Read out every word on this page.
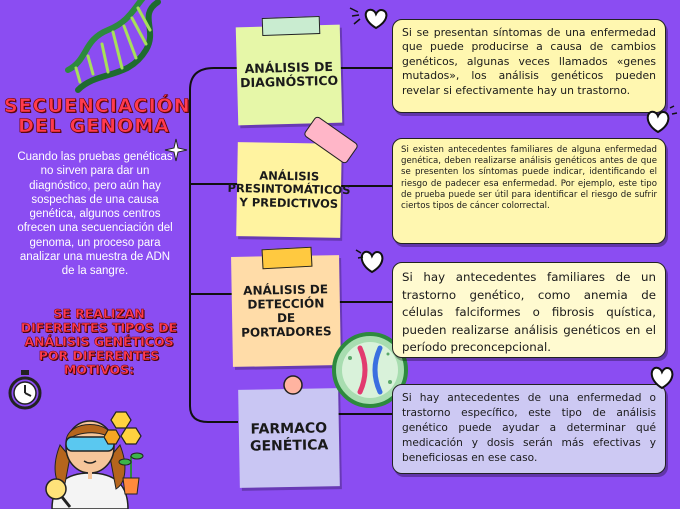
SECUENCIACIÓN
DEL GENOMA
Cuando las pruebas genéticas no sirven para dar un diagnóstico, pero aún hay sospechas de una causa genética, algunos centros ofrecen una secuenciación del genoma, un proceso para analizar una muestra de ADN de la sangre.
SE REALIZAN DIFERENTES TIPOS DE ANÁLISIS GENÉTICOS POR DIFERENTES MOTIVOS:
ANÁLISIS DE DIAGNÓSTICO
ANÁLISIS PRESINTOMÁTICOS Y PREDICTIVOS
ANÁLISIS DE DETECCIÓN DE PORTADORES
FARMACO GENÉTICA
Si se presentan síntomas de una enfermedad que puede producirse a causa de cambios genéticos, algunas veces llamados «genes mutados», los análisis genéticos pueden revelar si efectivamente hay un trastorno.
Si existen antecedentes familiares de alguna enfermedad genética, deben realizarse análisis genéticos antes de que se presenten los síntomas puede indicar, identificando el riesgo de padecer esa enfermedad. Por ejemplo, este tipo de prueba puede ser útil para identificar el riesgo de sufrir ciertos tipos de cáncer colorrectal.
Si hay antecedentes familiares de un trastorno genético, como anemia de células falciformes o fibrosis quística, pueden realizarse análisis genéticos en el período preconcepcional.
Si hay antecedentes de una enfermedad o trastorno específico, este tipo de análisis genético puede ayudar a determinar qué medicación y dosis serán más efectivas y beneficiosas en ese caso.
